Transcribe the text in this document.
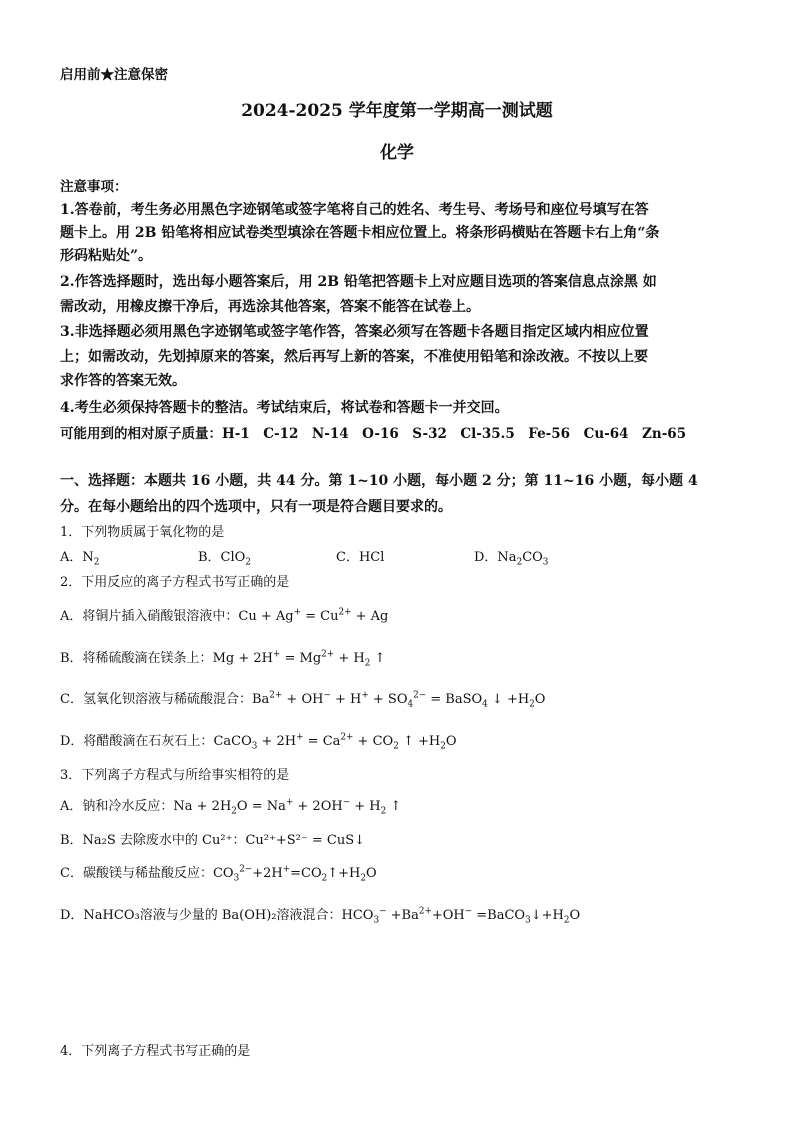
启用前★注意保密
2024-2025 学年度第一学期高一测试题
化学
注意事项：
1.答卷前，考生务必用黑色字迹钢笔或签字笔将自己的姓名、考生号、考场号和座位号填写在答
题卡上。用 2B 铅笔将相应试卷类型填涂在答题卡相应位置上。将条形码横贴在答题卡右上角“条
形码粘贴处”。
2.作答选择题时，选出每小题答案后，用 2B 铅笔把答题卡上对应题目选项的答案信息点涂黑 如
需改动，用橡皮擦干净后，再选涂其他答案，答案不能答在试卷上。
3.非选择题必须用黑色字迹钢笔或签字笔作答，答案必须写在答题卡各题目指定区域内相应位置
上；如需改动，先划掉原来的答案，然后再写上新的答案，不准使用铅笔和涂改液。不按以上要
求作答的答案无效。
4.考生必须保持答题卡的整洁。考试结束后，将试卷和答题卡一并交回。
可能用到的相对原子质量：H-1　C-12　N-14　O-16　S-32　Cl-35.5　Fe-56　Cu-64　Zn-65
一、选择题：本题共 16 小题，共 44 分。第 1~10 小题，每小题 2 分；第 11~16 小题，每小题 4
分。在每小题给出的四个选项中，只有一项是符合题目要求的。
1．下列物质属于氧化物的是
A．$N_2$	B．ClO$_2$	C．HCl	D．$Na_2CO_3$
2．下用反应的离子方程式书写正确的是
A．将铜片插入硝酸银溶液中：$Cu + Ag^+ = Cu^{2+} + Ag$
B．将稀硫酸滴在镁条上：$Mg + 2H^+ = Mg^{2+} + H_2$ ↑
C．氢氧化钡溶液与稀硫酸混合：$Ba^{2+} + OH^- + H^+ + SO_4^{2-}$ = BaSO$_4$ ↓ $+H_2O$
D．将醋酸滴在石灰石上：CaCO$_3$ + $2H^+ = Ca^{2+} + CO_2$ ↑ $+H_2O$
3．下列离子方程式与所给事实相符的是
A．钠和冷水反应：$Na + 2H_2O = Na^+ + 2OH^- + H_2$ ↑
B．Na₂S 去除废水中的 Cu²⁺：Cu²⁺+S²⁻ = CuS↓
C．碳酸镁与稀盐酸反应：$CO_3^{2-}+2H^+=CO_2↑+H_2O$
D．NaHCO₃溶液与少量的 Ba(OH)₂溶液混合：$HCO_3^- +Ba^{2+}+OH^-$ $=BaCO_3↓+H_2O$
4．下列离子方程式书写正确的是
